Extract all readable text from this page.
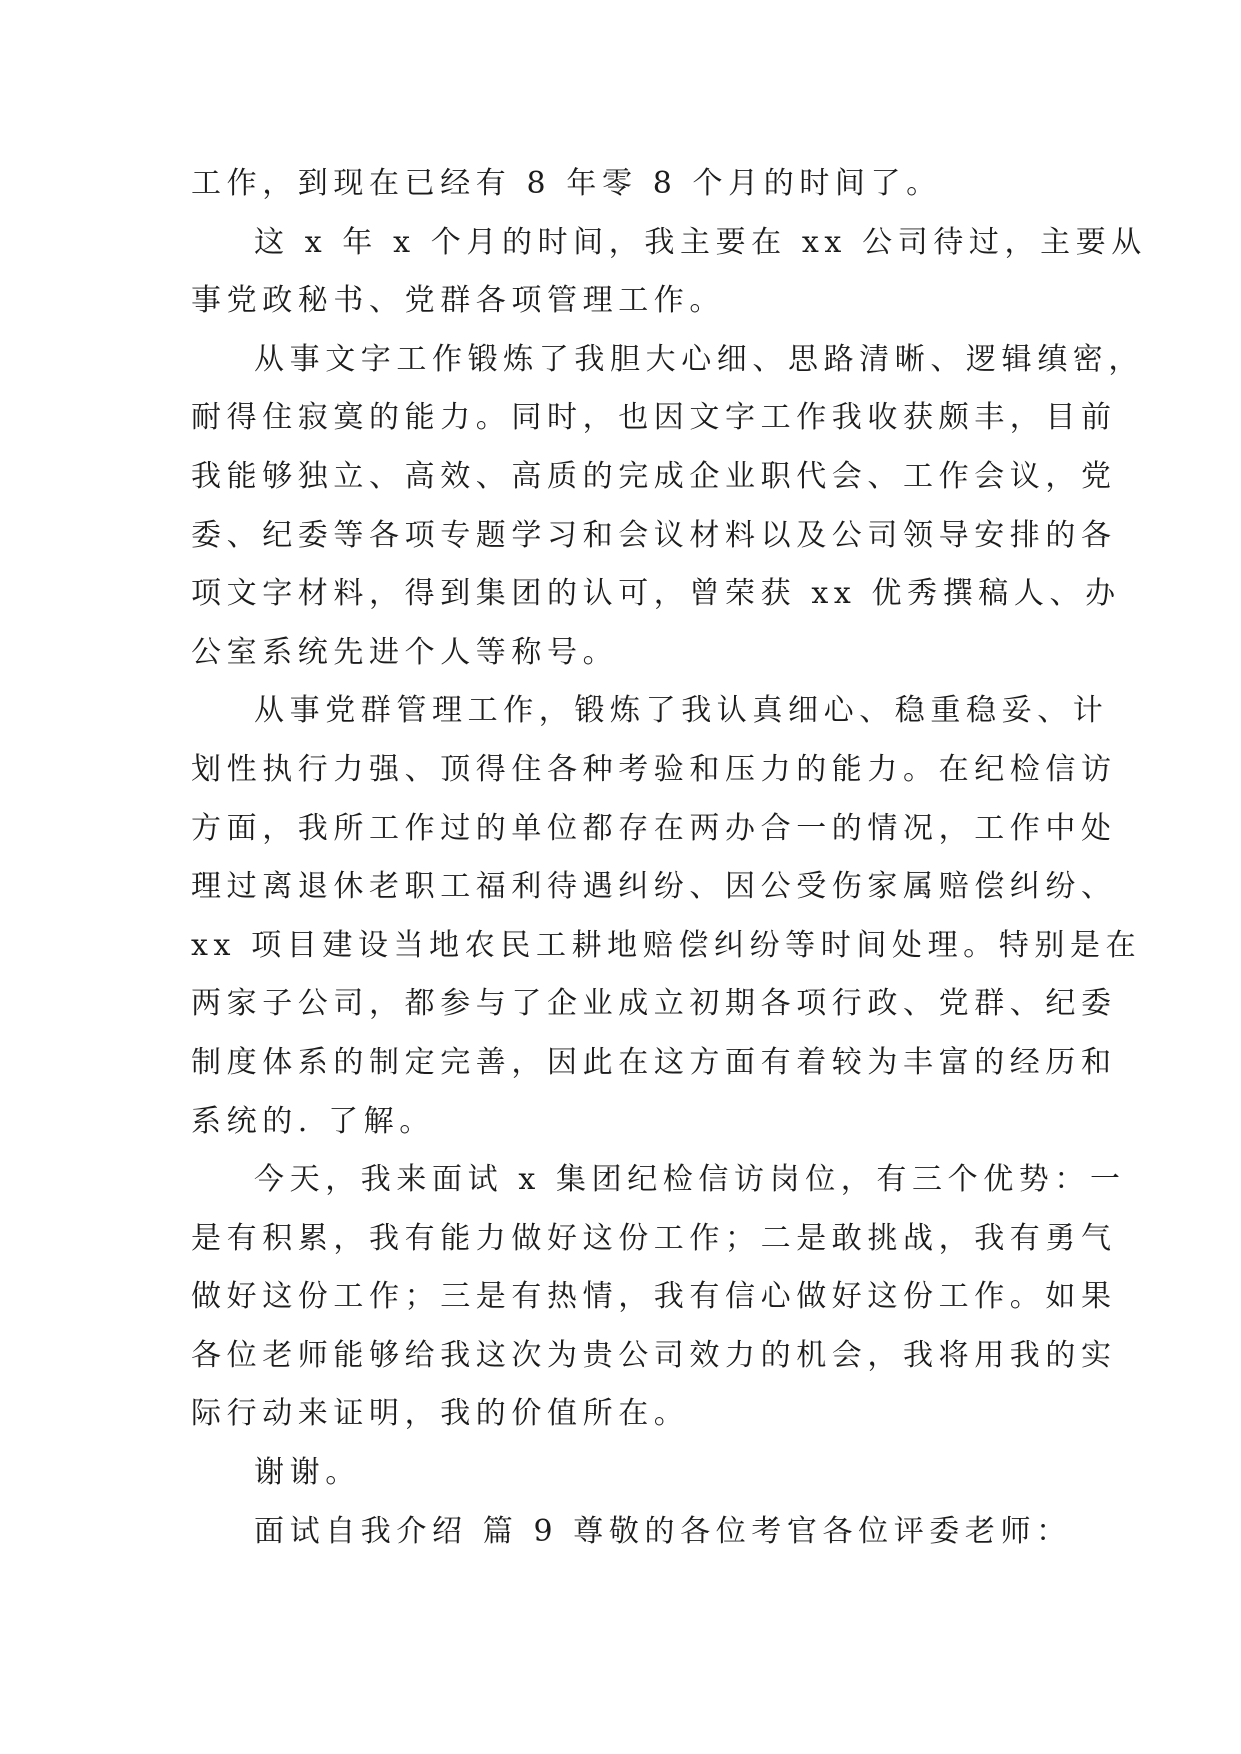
工作，到现在已经有 8 年零 8 个月的时间了。
这 x 年 x 个月的时间，我主要在 xx 公司待过，主要从
事党政秘书、党群各项管理工作。
从事文字工作锻炼了我胆大心细、思路清晰、逻辑缜密，
耐得住寂寞的能力。同时，也因文字工作我收获颇丰，目前
我能够独立、高效、高质的完成企业职代会、工作会议，党
委、纪委等各项专题学习和会议材料以及公司领导安排的各
项文字材料，得到集团的认可，曾荣获 xx 优秀撰稿人、办
公室系统先进个人等称号。
从事党群管理工作，锻炼了我认真细心、稳重稳妥、计
划性执行力强、顶得住各种考验和压力的能力。在纪检信访
方面，我所工作过的单位都存在两办合一的情况，工作中处
理过离退休老职工福利待遇纠纷、因公受伤家属赔偿纠纷、
xx 项目建设当地农民工耕地赔偿纠纷等时间处理。特别是在
两家子公司，都参与了企业成立初期各项行政、党群、纪委
制度体系的制定完善，因此在这方面有着较为丰富的经历和
系统的. 了解。
今天，我来面试 x 集团纪检信访岗位，有三个优势：一
是有积累，我有能力做好这份工作；二是敢挑战，我有勇气
做好这份工作；三是有热情，我有信心做好这份工作。如果
各位老师能够给我这次为贵公司效力的机会，我将用我的实
际行动来证明，我的价值所在。
谢谢。
面试自我介绍 篇 9 尊敬的各位考官各位评委老师：
